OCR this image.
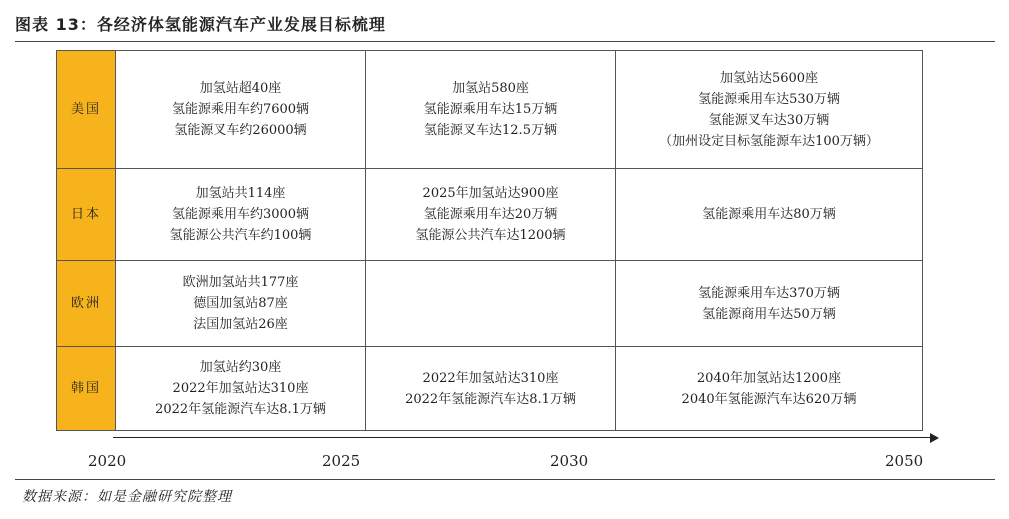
图表 13：各经济体氢能源汽车产业发展目标梳理
美国	加氢站超40座
氢能源乘用车约7600辆
氢能源叉车约26000辆	加氢站580座
氢能源乘用车达15万辆
氢能源叉车达12.5万辆	加氢站达5600座
氢能源乘用车达530万辆
氢能源叉车达30万辆
（加州设定目标氢能源车达100万辆）

日本	加氢站共114座
氢能源乘用车约3000辆
氢能源公共汽车约100辆	2025年加氢站达900座
氢能源乘用车达20万辆
氢能源公共汽车达1200辆	氢能源乘用车达80万辆

欧洲	欧洲加氢站共177座
德国加氢站87座
法国加氢站26座		氢能源乘用车达370万辆
氢能源商用车达50万辆

韩国	加氢站约30座
2022年加氢站达310座
2022年氢能源汽车达8.1万辆	2022年加氢站达310座
2022年氢能源汽车达8.1万辆	2040年加氢站达1200座
2040年氢能源汽车达620万辆
2020	2025	2030	2050
数据来源：如是金融研究院整理
